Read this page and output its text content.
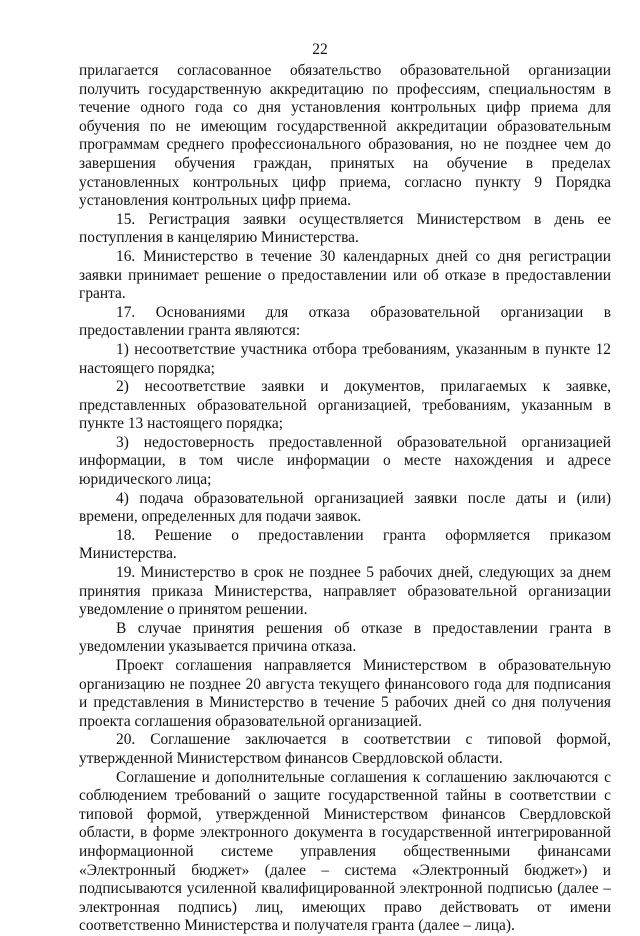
22

прилагается согласованное обязательство образовательной организации получить государственную аккредитацию по профессиям, специальностям в течение одного года со дня установления контрольных цифр приема для обучения по не имеющим государственной аккредитации образовательным программам среднего профессионального образования, но не позднее чем до завершения обучения граждан, принятых на обучение в пределах установленных контрольных цифр приема, согласно пункту 9 Порядка установления контрольных цифр приема.

15. Регистрация заявки осуществляется Министерством в день ее поступления в канцелярию Министерства.

16. Министерство в течение 30 календарных дней со дня регистрации заявки принимает решение о предоставлении или об отказе в предоставлении гранта.

17. Основаниями для отказа образовательной организации в предоставлении гранта являются:

1) несоответствие участника отбора требованиям, указанным в пункте 12 настоящего порядка;

2) несоответствие заявки и документов, прилагаемых к заявке, представленных образовательной организацией, требованиям, указанным в пункте 13 настоящего порядка;

3) недостоверность предоставленной образовательной организацией информации, в том числе информации о месте нахождения и адресе юридического лица;

4) подача образовательной организацией заявки после даты и (или) времени, определенных для подачи заявок.

18. Решение о предоставлении гранта оформляется приказом Министерства.

19. Министерство в срок не позднее 5 рабочих дней, следующих за днем принятия приказа Министерства, направляет образовательной организации уведомление о принятом решении.

В случае принятия решения об отказе в предоставлении гранта в уведомлении указывается причина отказа.

Проект соглашения направляется Министерством в образовательную организацию не позднее 20 августа текущего финансового года для подписания и представления в Министерство в течение 5 рабочих дней со дня получения проекта соглашения образовательной организацией.

20. Соглашение заключается в соответствии с типовой формой, утвержденной Министерством финансов Свердловской области.

Соглашение и дополнительные соглашения к соглашению заключаются с соблюдением требований о защите государственной тайны в соответствии с типовой формой, утвержденной Министерством финансов Свердловской области, в форме электронного документа в государственной интегрированной информационной системе управления общественными финансами «Электронный бюджет» (далее – система «Электронный бюджет») и подписываются усиленной квалифицированной электронной подписью (далее – электронная подпись) лиц, имеющих право действовать от имени соответственно Министерства и получателя гранта (далее – лица).
